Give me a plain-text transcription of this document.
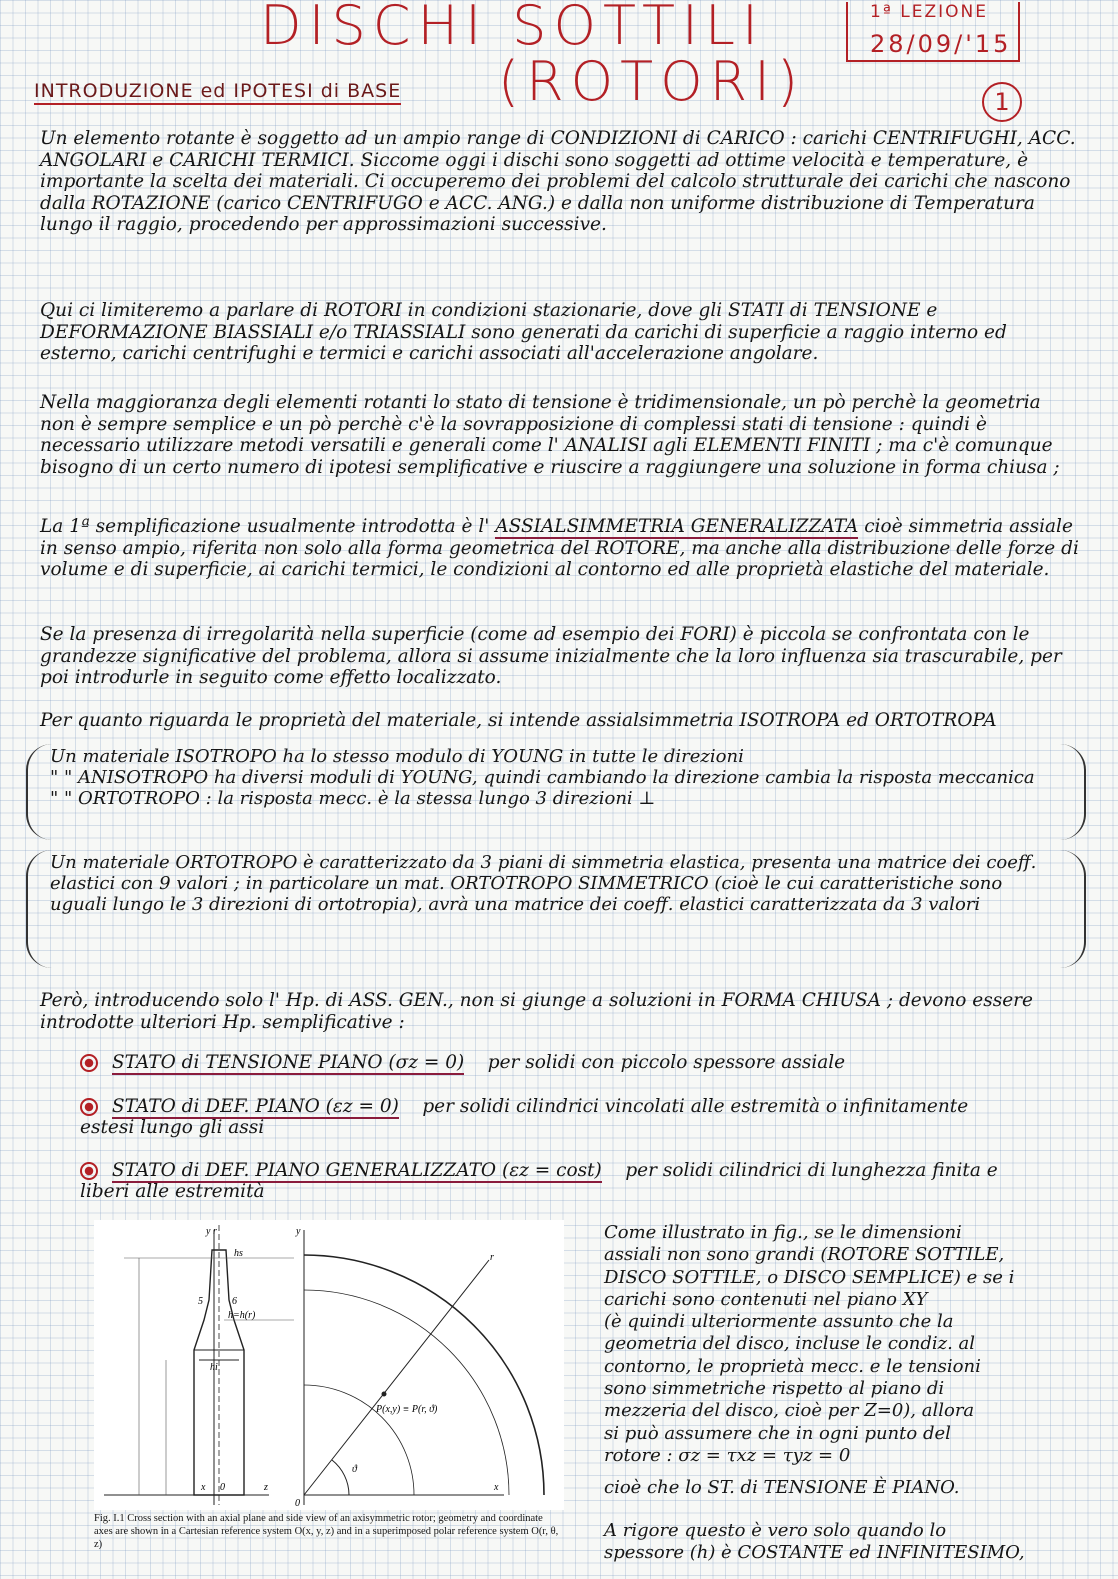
DISCHI SOTTILI
(ROTORI)
1ª LEZIONE
28/09/'15
1
INTRODUZIONE ed IPOTESI di BASE

Un elemento rotante è soggetto ad un ampio range di CONDIZIONI di CARICO : carichi CENTRIFUGHI, ACC. ANGOLARI e CARICHI TERMICI. Siccome oggi i dischi sono soggetti ad ottime velocità e temperature, è importante la scelta dei materiali. Ci occuperemo dei problemi del calcolo strutturale dei carichi che nascono dalla ROTAZIONE (carico CENTRIFUGO e ACC. ANG.) e dalla non uniforme distribuzione di Temperatura lungo il raggio, procedendo per approssimazioni successive.

Qui ci limiteremo a parlare di ROTORI in condizioni stazionarie, dove gli STATI di TENSIONE e DEFORMAZIONE BIASSIALI e/o TRIASSIALI sono generati da carichi di superficie a raggio interno ed esterno, carichi centrifughi e termici e carichi associati all'accelerazione angolare.

Nella maggioranza degli elementi rotanti lo stato di tensione è tridimensionale, un pò perchè la geometria non è sempre semplice e un pò perchè c'è la sovrapposizione di complessi stati di tensione : quindi è necessario utilizzare metodi versatili e generali come l' ANALISI agli ELEMENTI FINITI ; ma c'è comunque bisogno di un certo numero di ipotesi semplificative e riuscire a raggiungere una soluzione in forma chiusa ;

La 1ª semplificazione usualmente introdotta è l' ASSIALSIMMETRIA GENERALIZZATA cioè simmetria assiale in senso ampio, riferita non solo alla forma geometrica del ROTORE, ma anche alla distribuzione delle forze di volume e di superficie, ai carichi termici, le condizioni al contorno ed alle proprietà elastiche del materiale.

Se la presenza di irregolarità nella superficie (come ad esempio dei FORI) è piccola se confrontata con le grandezze significative del problema, allora si assume inizialmente che la loro influenza sia trascurabile, per poi introdurle in seguito come effetto localizzato.

Per quanto riguarda le proprietà del materiale, si intende assialsimmetria ISOTROPA ed ORTOTROPA

Un materiale ISOTROPO ha lo stesso modulo di YOUNG in tutte le direzioni
" " ANISOTROPO ha diversi moduli di YOUNG, quindi cambiando la direzione cambia la risposta meccanica
" " ORTOTROPO : la risposta mecc. è la stessa lungo 3 direzioni ⊥
Un materiale ORTOTROPO è caratterizzato da 3 piani di simmetria elastica, presenta una matrice dei coeff. elastici con 9 valori ; in particolare un mat. ORTOTROPO SIMMETRICO (cioè le cui caratteristiche sono uguali lungo le 3 direzioni di ortotropia), avrà una matrice dei coeff. elastici caratterizzata da 3 valori

Però, introducendo solo l' Hp. di ASS. GEN., non si giunge a soluzioni in FORMA CHIUSA ; devono essere introdotte ulteriori Hp. semplificative :

STATO di TENSIONE PIANO (σz = 0) per solidi con piccolo spessore assiale
STATO di DEF. PIANO (εz = 0) per solidi cilindrici vincolati alle estremità o infinitamente estesi lungo gli assi
STATO di DEF. PIANO GENERALIZZATO (εz = cost) per solidi cilindrici di lunghezza finita e liberi alle estremità
y r
hs
5	6
h=h(r)
hi
x	z
0
y
r
P(x,y) ≡ P(r, ϑ)
ϑ
x
0
Fig. I.1 Cross section with an axial plane and side view of an axisymmetric rotor; geometry and coordinate axes are shown in a Cartesian reference system O(x, y, z) and in a superimposed polar reference system O(r, θ, z)

Come illustrato in fig., se le dimensioni

assiali non sono grandi (ROTORE SOTTILE,

DISCO SOTTILE, o DISCO SEMPLICE) e se i

carichi sono contenuti nel piano XY

(è quindi ulteriormente assunto che la

geometria del disco, incluse le condiz. al

contorno, le proprietà mecc. e le tensioni

sono simmetriche rispetto al piano di

mezzeria del disco, cioè per Z=0), allora

si può assumere che in ogni punto del

rotore : σz = τxz = τyz = 0

cioè che lo ST. di TENSIONE È PIANO.

A rigore questo è vero solo quando lo

spessore (h) è COSTANTE ed INFINITESIMO,
